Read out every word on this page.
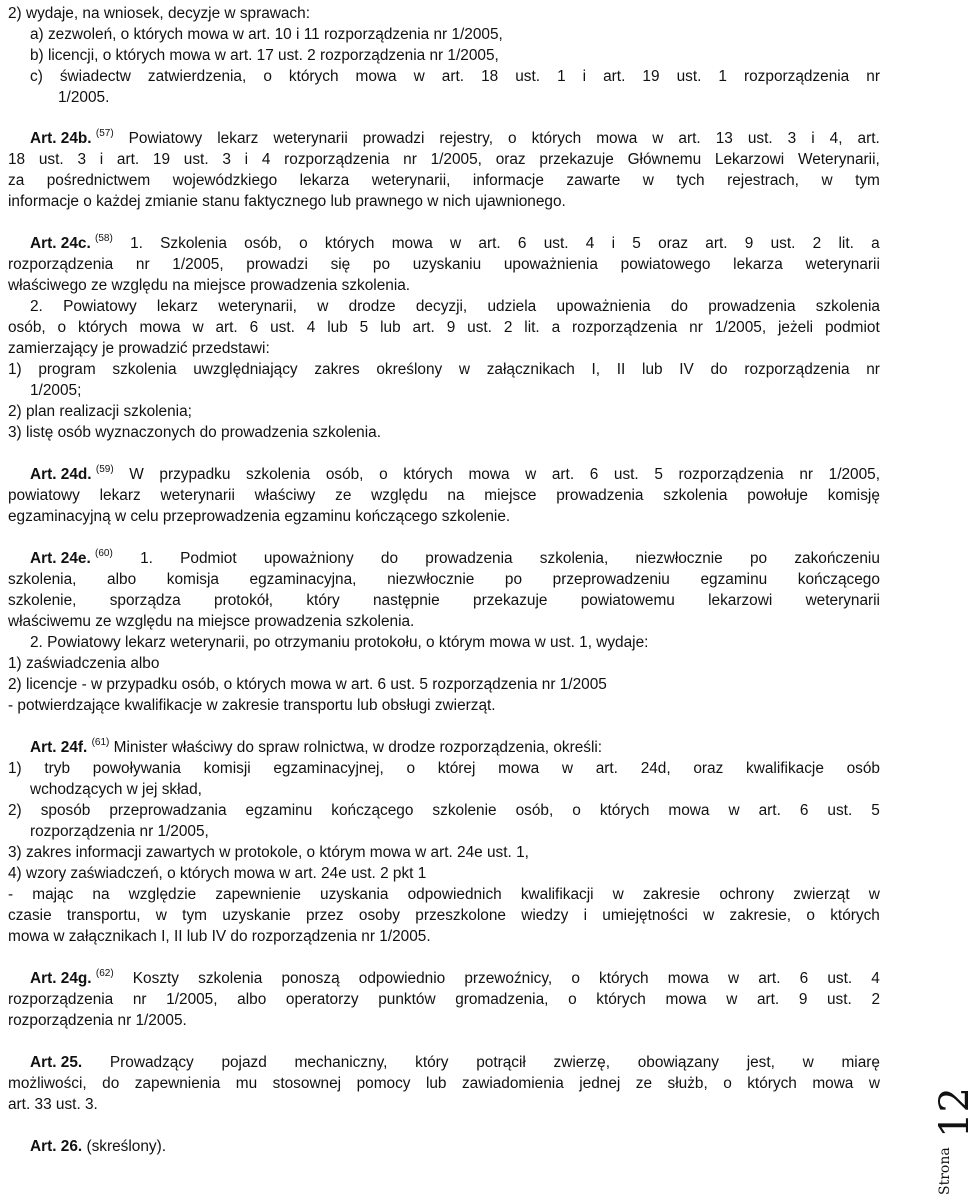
2) wydaje, na wniosek, decyzje w sprawach:
a) zezwoleń, o których mowa w art. 10 i 11 rozporządzenia nr 1/2005,
b) licencji, o których mowa w art. 17 ust. 2 rozporządzenia nr 1/2005,
c) świadectw zatwierdzenia, o których mowa w art. 18 ust. 1 i art. 19 ust. 1 rozporządzenia nr
1/2005.
Art. 24b. $^{(57)}$ Powiatowy lekarz weterynarii prowadzi rejestry, o których mowa w art. 13 ust. 3 i 4, art.
18 ust. 3 i art. 19 ust. 3 i 4 rozporządzenia nr 1/2005, oraz przekazuje Głównemu Lekarzowi Weterynarii,
za pośrednictwem wojewódzkiego lekarza weterynarii, informacje zawarte w tych rejestrach, w tym
informacje o każdej zmianie stanu faktycznego lub prawnego w nich ujawnionego.
Art. 24c. $^{(58)}$ 1. Szkolenia osób, o których mowa w art. 6 ust. 4 i 5 oraz art. 9 ust. 2 lit. a
rozporządzenia nr 1/2005, prowadzi się po uzyskaniu upoważnienia powiatowego lekarza weterynarii
właściwego ze względu na miejsce prowadzenia szkolenia.
2. Powiatowy lekarz weterynarii, w drodze decyzji, udziela upoważnienia do prowadzenia szkolenia
osób, o których mowa w art. 6 ust. 4 lub 5 lub art. 9 ust. 2 lit. a rozporządzenia nr 1/2005, jeżeli podmiot
zamierzający je prowadzić przedstawi:
1) program szkolenia uwzględniający zakres określony w załącznikach I, II lub IV do rozporządzenia nr
1/2005;
2) plan realizacji szkolenia;
3) listę osób wyznaczonych do prowadzenia szkolenia.
Art. 24d. $^{(59)}$ W przypadku szkolenia osób, o których mowa w art. 6 ust. 5 rozporządzenia nr 1/2005,
powiatowy lekarz weterynarii właściwy ze względu na miejsce prowadzenia szkolenia powołuje komisję
egzaminacyjną w celu przeprowadzenia egzaminu kończącego szkolenie.
Art. 24e. $^{(60)}$ 1. Podmiot upoważniony do prowadzenia szkolenia, niezwłocznie po zakończeniu
szkolenia, albo komisja egzaminacyjna, niezwłocznie po przeprowadzeniu egzaminu kończącego
szkolenie, sporządza protokół, który następnie przekazuje powiatowemu lekarzowi weterynarii
właściwemu ze względu na miejsce prowadzenia szkolenia.
2. Powiatowy lekarz weterynarii, po otrzymaniu protokołu, o którym mowa w ust. 1, wydaje:
1) zaświadczenia albo
2) licencje - w przypadku osób, o których mowa w art. 6 ust. 5 rozporządzenia nr 1/2005
- potwierdzające kwalifikacje w zakresie transportu lub obsługi zwierząt.
Art. 24f. $^{(61)}$ Minister właściwy do spraw rolnictwa, w drodze rozporządzenia, określi:
1) tryb powoływania komisji egzaminacyjnej, o której mowa w art. 24d, oraz kwalifikacje osób
wchodzących w jej skład,
2) sposób przeprowadzania egzaminu kończącego szkolenie osób, o których mowa w art. 6 ust. 5
rozporządzenia nr 1/2005,
3) zakres informacji zawartych w protokole, o którym mowa w art. 24e ust. 1,
4) wzory zaświadczeń, o których mowa w art. 24e ust. 2 pkt 1
- mając na względzie zapewnienie uzyskania odpowiednich kwalifikacji w zakresie ochrony zwierząt w
czasie transportu, w tym uzyskanie przez osoby przeszkolone wiedzy i umiejętności w zakresie, o których
mowa w załącznikach I, II lub IV do rozporządzenia nr 1/2005.
Art. 24g. $^{(62)}$ Koszty szkolenia ponoszą odpowiednio przewoźnicy, o których mowa w art. 6 ust. 4
rozporządzenia nr 1/2005, albo operatorzy punktów gromadzenia, o których mowa w art. 9 ust. 2
rozporządzenia nr 1/2005.
Art. 25. Prowadzący pojazd mechaniczny, który potrącił zwierzę, obowiązany jest, w miarę
możliwości, do zapewnienia mu stosownej pomocy lub zawiadomienia jednej ze służb, o których mowa w
art. 33 ust. 3.
Art. 26. (skreślony).
Strona
12
